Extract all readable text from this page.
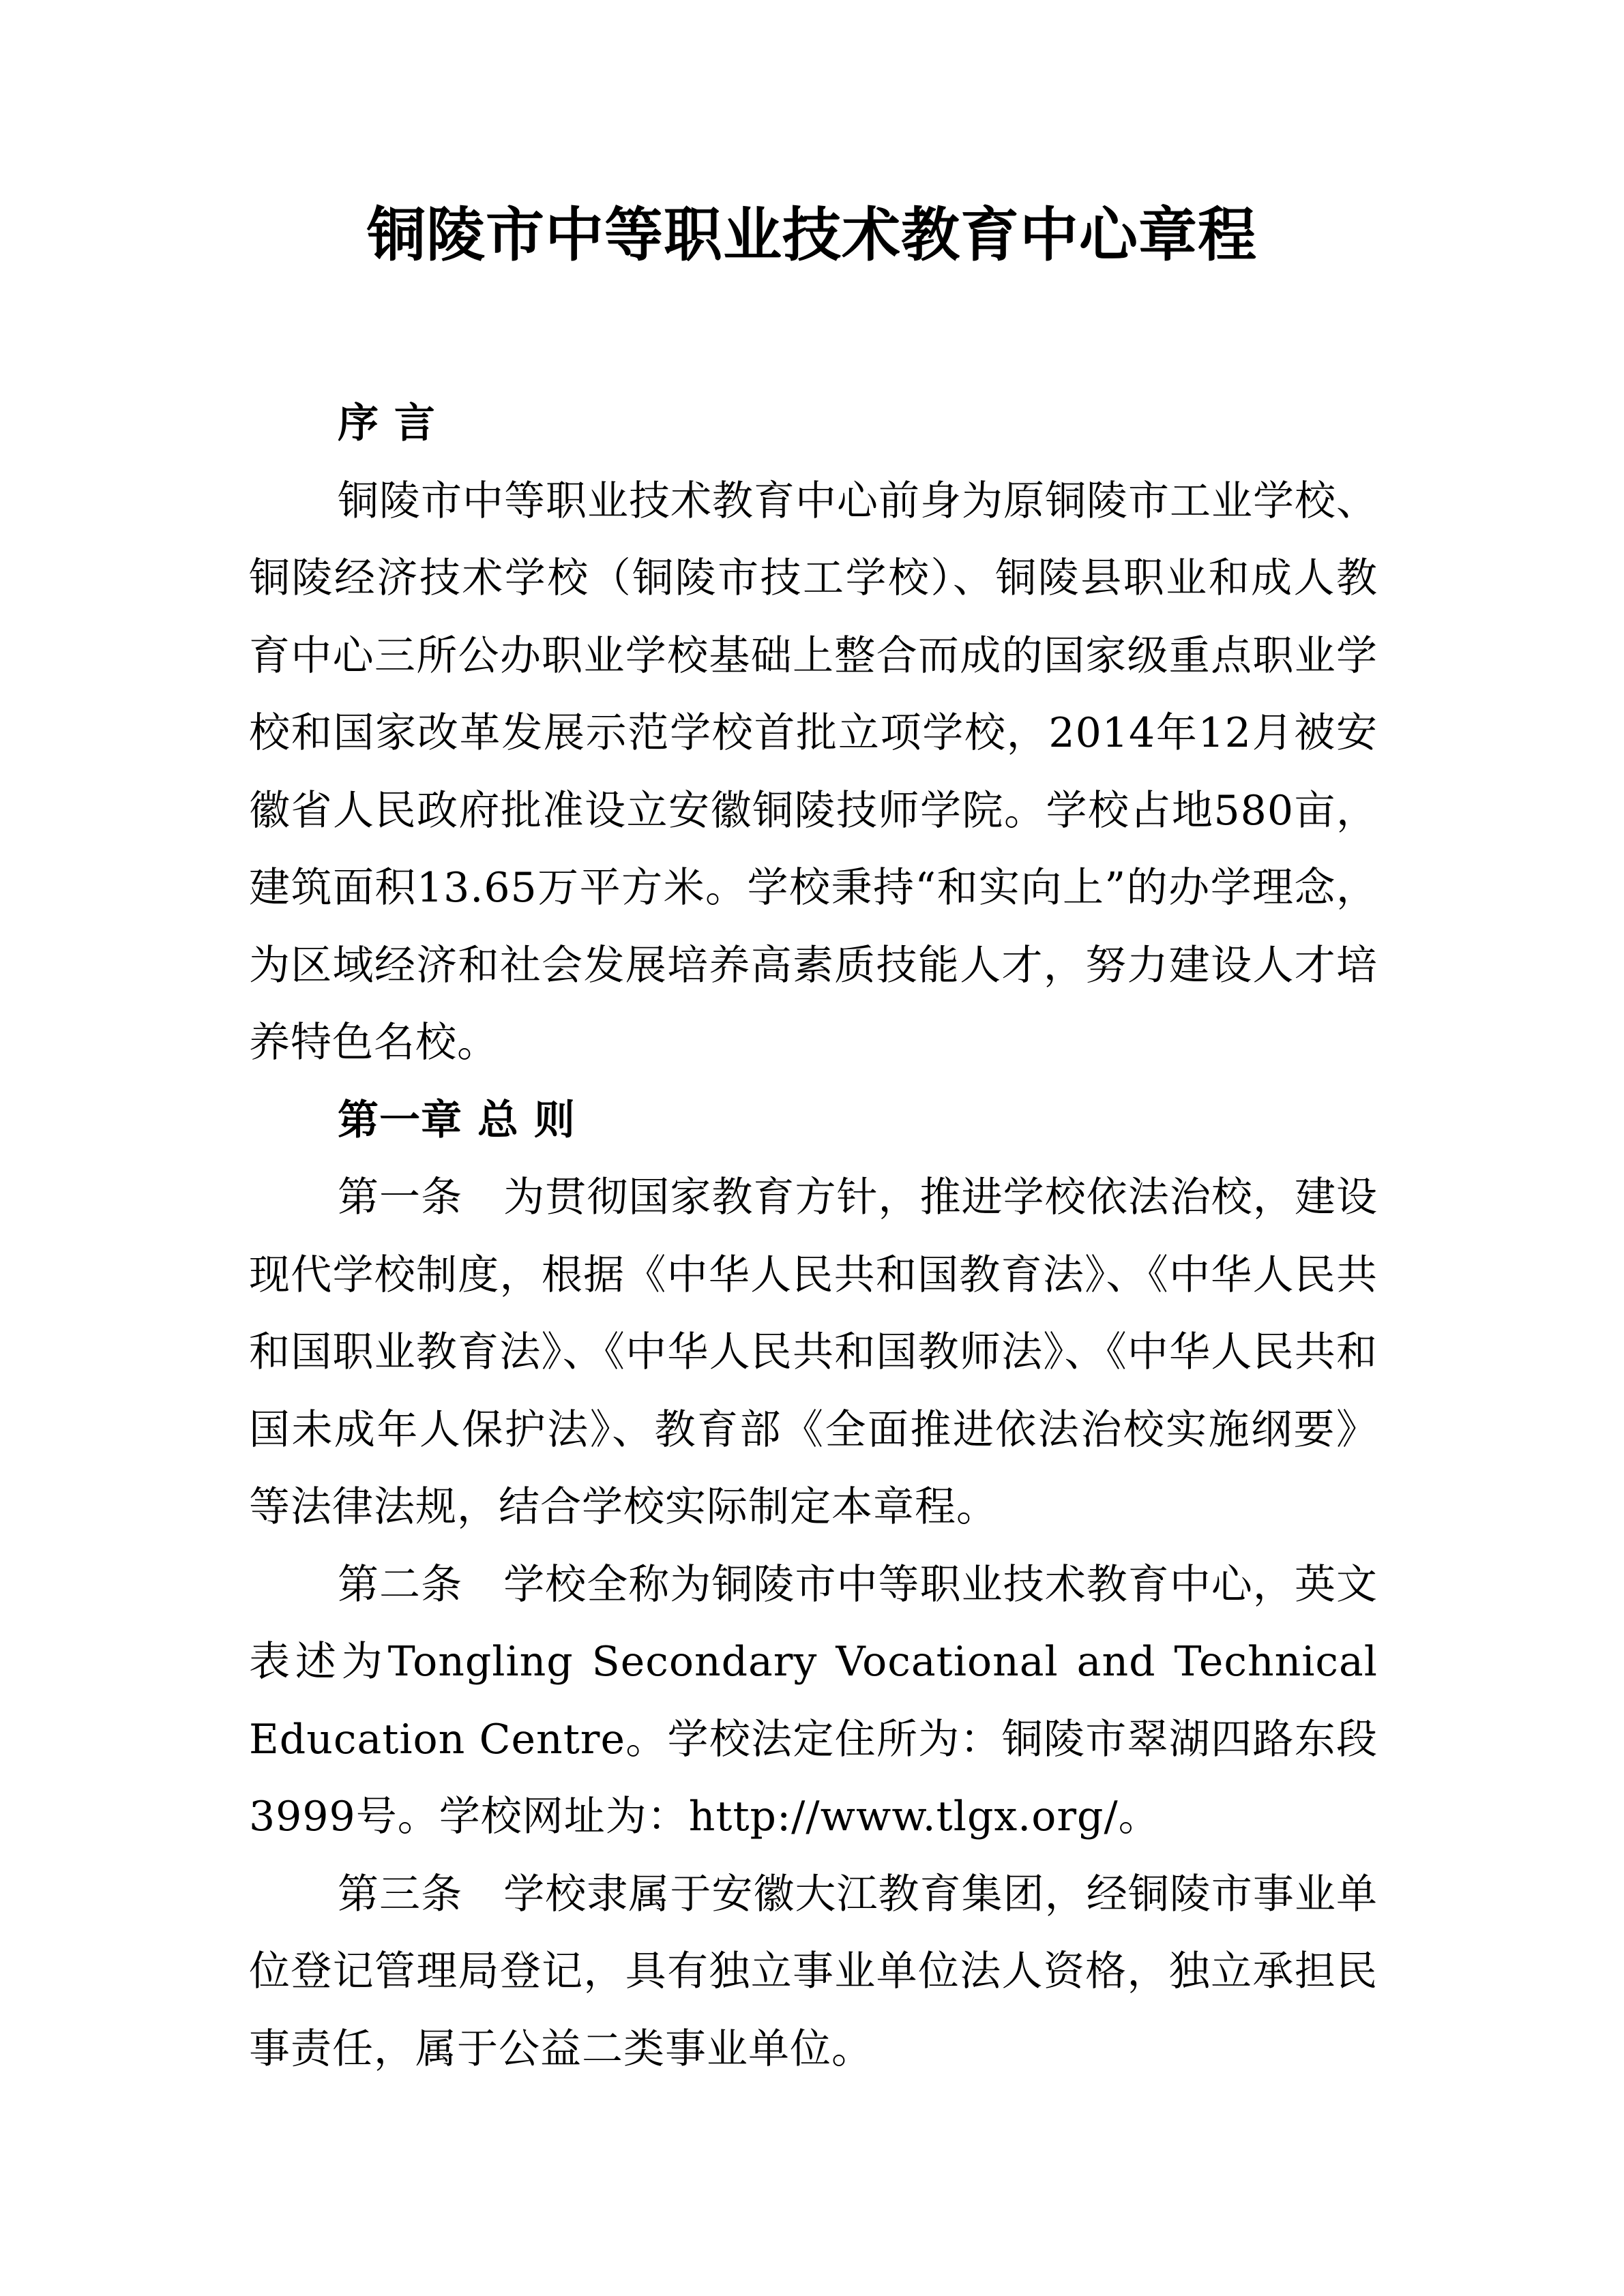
铜陵市中等职业技术教育中心章程

序 言

铜陵市中等职业技术教育中心前身为原铜陵市工业学校、铜陵经济技术学校（铜陵市技工学校）、铜陵县职业和成人教育中心三所公办职业学校基础上整合而成的国家级重点职业学校和国家改革发展示范学校首批立项学校，2014年12月被安徽省人民政府批准设立安徽铜陵技师学院。学校占地580亩，建筑面积13.65万平方米。学校秉持“和实向上”的办学理念，为区域经济和社会发展培养高素质技能人才，努力建设人才培养特色名校。

第一章 总 则

第一条 为贯彻国家教育方针，推进学校依法治校，建设现代学校制度，根据《中华人民共和国教育法》、《中华人民共和国职业教育法》、《中华人民共和国教师法》、《中华人民共和国未成年人保护法》、教育部《全面推进依法治校实施纲要》等法律法规，结合学校实际制定本章程。

第二条 学校全称为铜陵市中等职业技术教育中心，英文表述为Tongling Secondary Vocational and Technical Education Centre。学校法定住所为：铜陵市翠湖四路东段3999号。学校网址为：http://www.tlgx.org/。

第三条 学校隶属于安徽大江教育集团，经铜陵市事业单位登记管理局登记，具有独立事业单位法人资格，独立承担民事责任，属于公益二类事业单位。
